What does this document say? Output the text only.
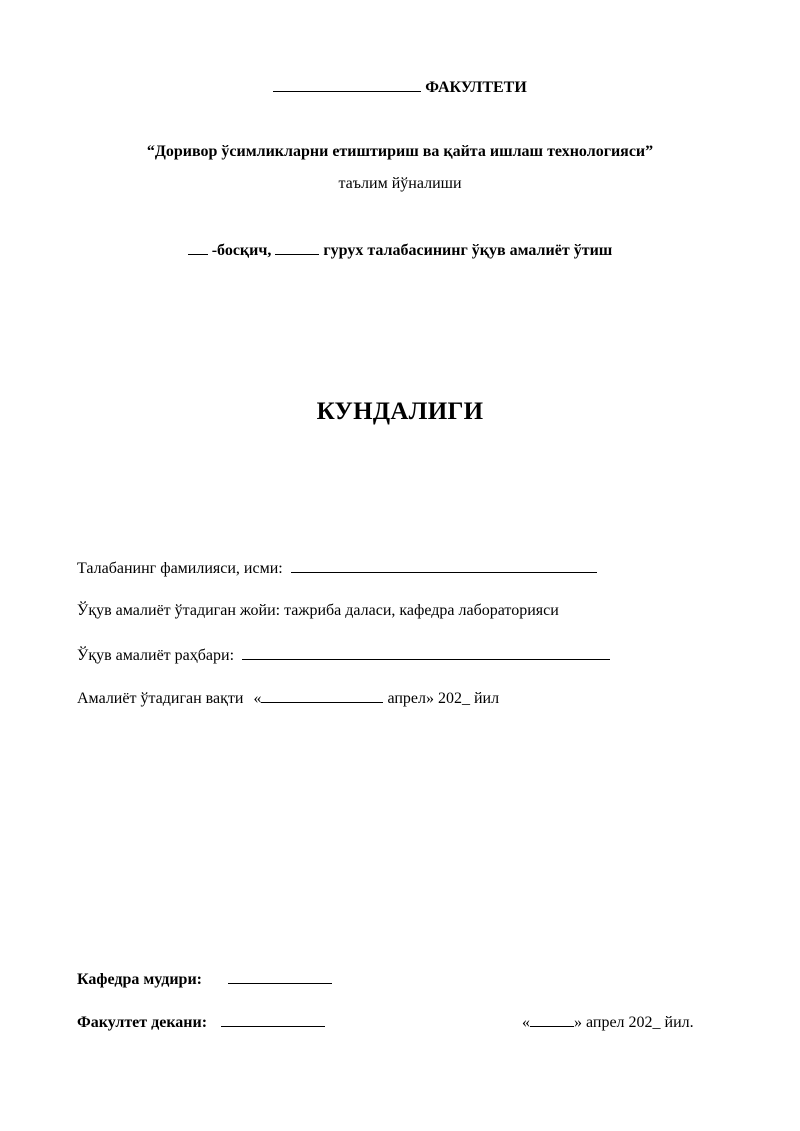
ФАКУЛТЕТИ
“Доривор ўсимликларни етиштириш ва қайта ишлаш технологияси”
таълим йўналиши
-босқич,	гурух талабасининг ўқув амалиёт ўтиш
КУНДАЛИГИ
Талабанинг фамилияси, исми:
Ўқув амалиёт ўтадиган жойи: тажриба даласи, кафедра лабораторияси
Ўқув амалиёт раҳбари:
Амалиёт ўтадиган вақти «	апрел» 202_ йил
Кафедра мудири:
Факултет декани:	«	» апрел 202_ йил.
